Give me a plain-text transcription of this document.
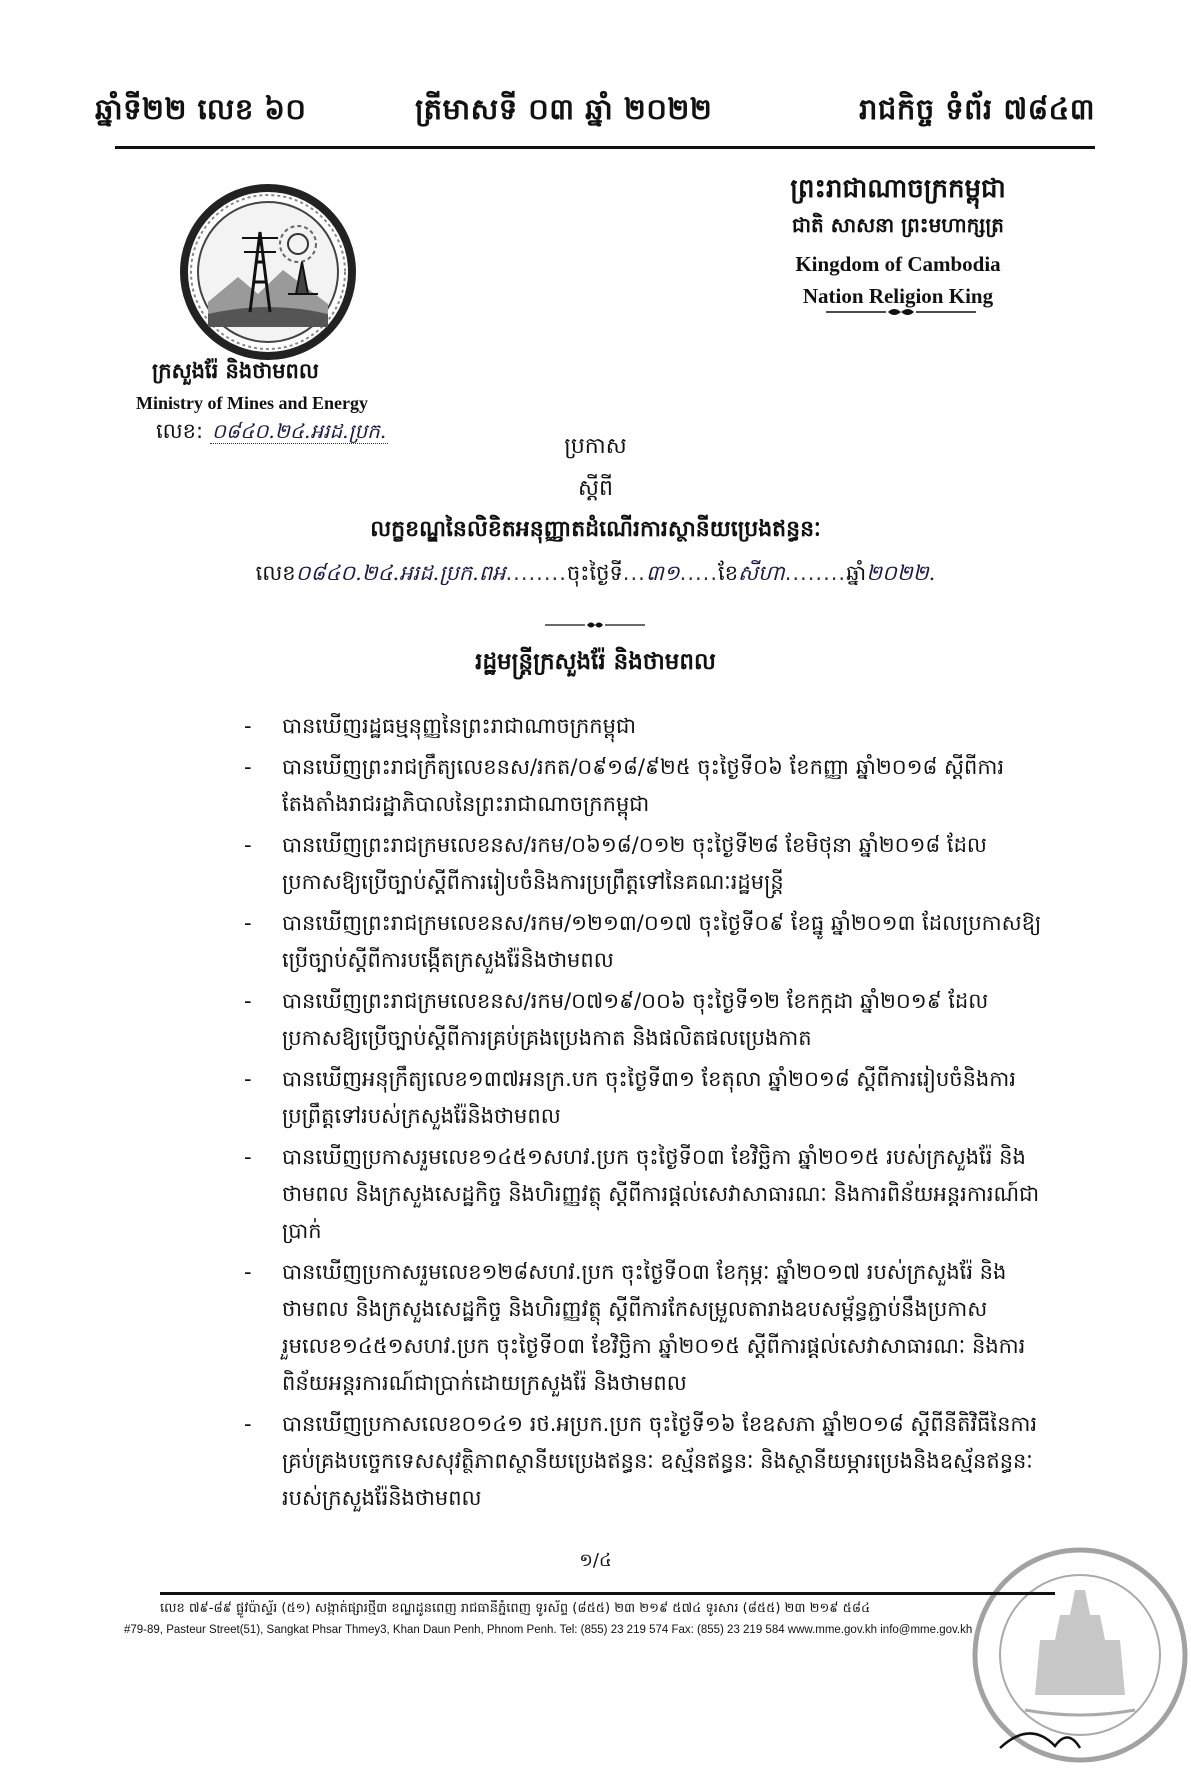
ឆ្នាំទី២២ លេខ ៦០	ត្រីមាសទី ០៣ ឆ្នាំ ២០២២	រាជកិច្ច ទំព័រ ៧៨៤៣
ក្រសួងរ៉ែ និងថាមពល
Ministry of Mines and Energy
លេខ: ០៨៤០.២៤.អរដ.ប្រក.
ព្រះរាជាណាចក្រកម្ពុជា
ជាតិ សាសនា ព្រះមហាក្សត្រ
Kingdom of Cambodia
Nation Religion King
ប្រកាស
ស្តីពី
លក្ខខណ្ឌនៃលិខិតអនុញ្ញាតដំណើរការស្ថានីយប្រេងឥន្ធនៈ
លេខ០៨៤០.២៤.អរដ.ប្រក.ពអ........ចុះថ្ងៃទី...៣១.....ខែសីហា........ឆ្នាំ២០២២.
រដ្ឋមន្ត្រីក្រសួងរ៉ែ និងថាមពល
- បានឃើញរដ្ឋធម្មនុញ្ញនៃព្រះរាជាណាចក្រកម្ពុជា
- បានឃើញព្រះរាជក្រឹត្យលេខនស/រកត/០៩១៨/៩២៥ ចុះថ្ងៃទី០៦ ខែកញ្ញា ឆ្នាំ២០១៨ ស្តីពីការតែងតាំងរាជរដ្ឋាភិបាលនៃព្រះរាជាណាចក្រកម្ពុជា
- បានឃើញព្រះរាជក្រមលេខនស/រកម/០៦១៨/០១២ ចុះថ្ងៃទី២៨ ខែមិថុនា ឆ្នាំ២០១៨ ដែលប្រកាសឱ្យប្រើច្បាប់ស្តីពីការរៀបចំនិងការប្រព្រឹត្តទៅនៃគណៈរដ្ឋមន្ត្រី
- បានឃើញព្រះរាជក្រមលេខនស/រកម/១២១៣/០១៧ ចុះថ្ងៃទី០៩ ខែធ្នូ ឆ្នាំ២០១៣ ដែលប្រកាសឱ្យប្រើច្បាប់ស្តីពីការបង្កើតក្រសួងរ៉ែនិងថាមពល
- បានឃើញព្រះរាជក្រមលេខនស/រកម/០៧១៩/០០៦ ចុះថ្ងៃទី១២ ខែកក្កដា ឆ្នាំ២០១៩ ដែលប្រកាសឱ្យប្រើច្បាប់ស្តីពីការគ្រប់គ្រងប្រេងកាត និងផលិតផលប្រេងកាត
- បានឃើញអនុក្រឹត្យលេខ១៣៧អនក្រ.បក ចុះថ្ងៃទី៣១ ខែតុលា ឆ្នាំ២០១៨ ស្តីពីការរៀបចំនិងការប្រព្រឹត្តទៅរបស់ក្រសួងរ៉ែនិងថាមពល
- បានឃើញប្រកាសរួមលេខ១៤៥១សហវ.ប្រក ចុះថ្ងៃទី០៣ ខែវិច្ឆិកា ឆ្នាំ២០១៥ របស់ក្រសួងរ៉ែ និងថាមពល និងក្រសួងសេដ្ឋកិច្ច និងហិរញ្ញវត្ថុ ស្តីពីការផ្តល់សេវាសាធារណៈ និងការពិន័យអន្តរការណ៍ជាប្រាក់
- បានឃើញប្រកាសរួមលេខ១២៨សហវ.ប្រក ចុះថ្ងៃទី០៣ ខែកុម្ភៈ ឆ្នាំ២០១៧ របស់ក្រសួងរ៉ែ និងថាមពល និងក្រសួងសេដ្ឋកិច្ច និងហិរញ្ញវត្ថុ ស្តីពីការកែសម្រួលតារាងឧបសម្ព័ន្ធភ្ជាប់នឹងប្រកាសរួមលេខ១៤៥១សហវ.ប្រក ចុះថ្ងៃទី០៣ ខែវិច្ឆិកា ឆ្នាំ២០១៥ ស្តីពីការផ្តល់សេវាសាធារណៈ និងការពិន័យអន្តរការណ៍ជាប្រាក់ដោយក្រសួងរ៉ែ និងថាមពល
- បានឃើញប្រកាសលេខ០១៤១ រថ.អប្រក.ប្រក ចុះថ្ងៃទី១៦ ខែឧសភា ឆ្នាំ២០១៨ ស្តីពីនីតិវិធីនៃការគ្រប់គ្រងបច្ចេកទេសសុវត្ថិភាពស្ថានីយប្រេងឥន្ធនៈ ឧស្ម័នឥន្ធនៈ និងស្ថានីយម្ភារប្រេងនិងឧស្ម័នឥន្ធនៈ របស់ក្រសួងរ៉ែនិងថាមពល
១/៤
លេខ ៧៩-៨៩ ផ្លូវប៉ាស្ទ័រ (៥១) សង្កាត់ផ្សារថ្មី៣ ខណ្ឌដូនពេញ រាជធានីភ្នំពេញ ទូរស័ព្ទ (៨៥៥) ២៣ ២១៩ ៥៧៤ ទូរសារ (៨៥៥) ២៣ ២១៩ ៥៨៤
#79-89, Pasteur Street(51), Sangkat Phsar Thmey3, Khan Daun Penh, Phnom Penh. Tel: (855) 23 219 574 Fax: (855) 23 219 584 www.mme.gov.kh info@mme.gov.kh
